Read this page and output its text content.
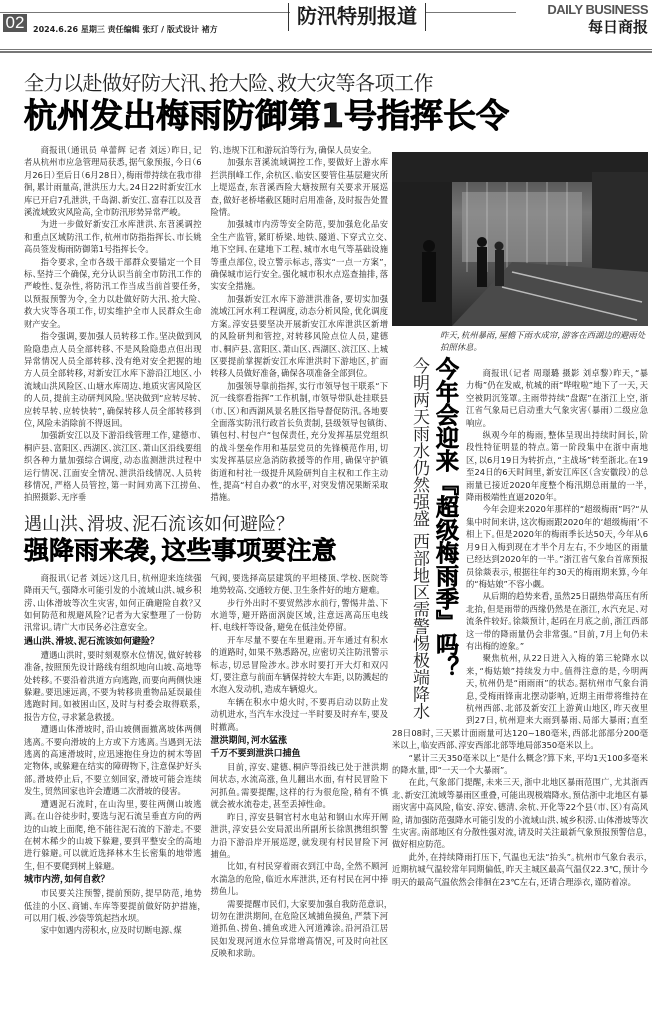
02	2024.6.26 星期三 责任编辑 张玎 / 版式设计 褚方
防汛特别报道	DAILY BUSINESS
每日商报
全力以赴做好防大汛、抢大险、救大灾等各项工作
杭州发出梅雨防御第1号指挥长令

商报讯（通讯员 单蕾辉 记者 刘远）昨日，记者从杭州市应急管理局获悉，据气象预报，今日（6月26日）至后日（6月28日），梅雨带持续在我市徘徊，累计雨量高，泄洪压力大。24日22时新安江水库已开启7孔泄洪，千岛湖、新安江、富春江以及苕溪流域致灾风险高，全市防汛形势异常严峻。

为进一步做好新安江水库泄洪、东苕溪调控和重点区域防汛工作，杭州市防指指挥长、市长姚高员签发梅雨防御第1号指挥长令。

指令要求，全市各级干部群众要锚定一个目标、坚持三个确保，充分认识当前全市防汛工作的严峻性、复杂性，将防汛工作当成当前首要任务，以预报预警为令，全力以赴做好防大汛、抢大险、救大灾等各项工作，切实维护全市人民群众生命财产安全。

指令强调，要加强人员转移工作。坚决做到风险隐患点人员全部转移、不是风险隐患点但出现异常情况人员全部转移、没有绝对安全把握的地方人员全部转移，对新安江水库下游沿江地区、小流域山洪风险区、山塘水库周边、地质灾害风险区的人员，提前主动研判风险。坚决做到“应转尽转、应转早转、应转快转”，确保转移人员全部转移到位，风险未消除前不得返回。

加强新安江以及下游沿线管理工作，建德市、桐庐县、富阳区、西湖区、滨江区、萧山区沿线要组织各种力量加强综合调度，动态监测泄洪过程中运行情况、江面安全情况、泄洪沿线情况、人员转移情况，严格人员管控，第一时间劝离下江捞鱼、拍照摄影、无序垂

钓、违规下江和游玩泊等行为，确保人员安全。

加强东苕溪流域调控工作，要做好上游水库拦洪削峰工作，余杭区、临安区要管住基层避灾所上堤巡查，东苕溪西险大塘按照有关要求开展巡查，做好老桥堵截区随时启用准备，及时报告处置险情。

加强城市内涝等安全防范，要加强危化品安全生产监管，紧盯桥梁、地铁、隧道、下穿式立交、地下空间、在建地下工程、城市水电气等基础设施等重点部位，设立警示标志，落实“一点一方案”，确保城市运行安全。强化城市积水点巡查抽排，落实安全措施。

加强新安江水库下游泄洪准备，要切实加强流域江河水利工程调度，动态分析风险，优化调度方案。淳安县要坚决开展新安江水库泄洪区新增的风险研判和管控，对转移风险点位人员，建德市、桐庐县、富阳区、萧山区、西湖区、滨江区、上城区要提前掌握新安江水库泄洪时下游地区，扩面转移人员做好准备，确保各项准备全部到位。

加强领导靠前指挥，实行市领导包干联系“下沉一线察看指挥”工作机制，市领导带队赴挂联县（市、区）和西湖风景名胜区指导督促防汛。各地要全面落实防汛行政首长负责制，县级领导包镇街、镇包村、村包户“包保责任，充分发挥基层党组织的战斗堡垒作用和基层党员的先锋模范作用，切实发挥基层应急消防救援等的作用，确保守护镇街道和村社一级提升风险研判自主权和工作主动性，提高“村自办救”的水平，对突发情况果断采取措施。

遇山洪、滑坡、泥石流该如何避险？
强降雨来袭，这些事项要注意

商报讯（记者 刘远）这几日，杭州迎来连续强降雨天气，强降水可能引发的小流域山洪、城乡积涝、山体滑坡等次生灾害，如何正确避险自救？又如何防范和规避风险？记者为大家整理了一份防汛常识。请广大市民务必注意安全。

遇山洪、滑坡、泥石流该如何避险？

遭遇山洪时，要时刻观察水位情况，做好转移准备，按照预先设计路线有组织地向山坡、高地等处转移。不要沿着洪道方向逃跑，而要向两侧快速躲避。要迅速远离，不要为转移贵重物品延误最佳逃跑时间。如被困山区，及时与村委会取得联系，报告方位，寻求紧急救援。

遭遇山体滑坡时，沿山坡侧面撤离坡体两侧逃离。不要向滑坡的上方或下方逃离。当遇到无法逃离的高速滑坡时，应迅速抱住身边的树木等固定物体，或躲避在结实的障碍物下，注意保护好头部。滑坡停止后，不要立刻回家，滑坡可能会连续发生，贸然回家也许会遭遇二次滑坡的侵害。

遭遇泥石流时，在山沟里，要往两侧山坡逃离。在山谷徒步时，要选与泥石流呈垂直方向的两边的山坡上面爬，绝不能往泥石流的下游走。不要在树木稀少的山坡下躲避，要到平整安全的高地进行躲避。可以就近选择林木生长密集的地带逃生，但不要爬到树上躲避。

城市内涝，如何自救？

市民要关注预警，提前预防，提早防范，地势低洼的小区、商铺、车库等要提前做好防护措施，可以用门板、沙袋等筑起挡水坝。

家中如遇内涝积水，应及时切断电源、煤

气阀，要选择高层建筑的平坦楼顶、学校、医院等地势较高、交通较方便、卫生条件好的地方避难。

步行外出时不要贸然涉水前行，警惕井盖、下水道等，避开路面涡旋区域，注意远离高压电线杆、电线杆等设备，避免在低洼处停留。

开车尽量不要在车里避雨。开车通过有积水的道路时，如果不熟悉路况，应密切关注防汛警示标志，切忌冒险涉水。涉水时要打开大灯和双闪灯，要注意与前面车辆保持较大车距，以防溅起的水泡入发动机，造成车辆熄火。

车辆在积水中熄火时，不要再启动以防止发动机进水，当汽车水没过一半时要及时弃车，要及时撤离。

泄洪期间，河水猛涨
千万不要到泄洪口捕鱼

目前，淳安、建德、桐庐等沿线已处于泄洪期间状态，水流高涨，鱼儿翻出水面，有村民冒险下河抓鱼。需要提醒，这样的行为很危险，稍有不慎就会被水流卷走，甚至丢掉性命。

昨日，淳安县铜官村水电站和钢山水库开闸泄洪，淳安县公安局派出所副所长徐凯携组织警力沿下游沿岸开展巡逻，就发现有村民冒险下河捕鱼。

比如，有村民穿着雨衣到江中岛，全然不顾河水湍急的危险，临近水库泄洪，还有村民在河中捧捞鱼儿。

需要提醒市民们，大家要加强自我防范意识，切勿在泄洪期间，在危险区域捕鱼摸鱼，严禁下河道抓鱼、捞鱼、捕鱼或进入河道滩涂。沿河沿江居民如发现河道水位异常增高情况，可及时向社区反映和求助。

昨天，杭州暴雨，屋檐下雨水成帘，游客在西湖边的避雨处拍照休息。
今明两天雨水仍然强盛 西部地区需警惕极端降水 今年会迎来『超级梅雨季』吗？	商报讯（记者 周璟璐 摄影 刘卓黎）昨天，“暴力梅”仍在发威，杭城的雨“哗啦啦”地下了一天，天空被阴沉笼罩。主雨带持续“盘踞”在浙江上空，浙江省气象局已启动重大气象灾害（暴雨）二级应急响应。

纵观今年的梅雨，整体呈现出持续时间长，阶段性特征明显的特点。第一阶段集中在浙中南地区，以6月19日为转折点，“主战场”转至浙北。在19至24日的6天时间里，新安江库区（含安徽段）的总雨量已接近2020年度整个梅汛期总雨量的一半，降雨极端性直逼2020年。

今年会迎来2020年那样的“超级梅雨”吗？“从集中时间来讲，这次梅雨跟2020年的‘超级梅雨’不相上下。但是2020年的梅雨季长达50天，今年从6月9日入梅到现在才半个月左右，不少地区的雨量已经达到2020年的一半。”浙江省气象台首席预报员徐燚表示，根据往年约30天的梅雨期来算，今年的“梅姑娘”不容小觑。

从后期的趋势来看，虽然25日副热带高压有所北抬，但是雨带的西缘仍然是在浙江，水汽充足、对流条件较好。徐燚预计，起码在月底之前，浙江西部这一带的降雨量仍会非常强。”目前，7月上旬仍未有出梅的迹象。”

聚焦杭州，从22日进入入梅的第三轮降水以来，“梅姑娘”持续发力中。值得注意的是，今明两天，杭州仍是“雨雨雨”的状态。据杭州市气象台消息，受梅雨锋南北摆动影响，近期主雨带将维持在杭州西部、北部及新安江上游黄山地区，昨天夜里到27日，杭州迎来大雨到暴雨、局部大暴雨；直至28日08时，三天累计面雨量可达120~180毫米，西部北部部分200毫米以上，临安西部、淳安西部北部等地局部350毫米以上。

“累计三天350毫米以上”是什么概念？算下来，平均1天100多毫米的降水量，即“一天一个大暴雨”。

在此，气象部门提醒，未来三天，浙中北地区暴雨范围广，尤其浙西北、新安江流域等暴雨区重叠，可能出现极端降水。预估浙中北地区有暴雨灾害中高风险，临安、淳安、德清、余杭、开化等22个县（市、区）有高风险，请加强防范强降水可能引发的小流域山洪、城乡积涝、山体滑坡等次生灾害。南部地区有分散性强对流，请及时关注最新气象预报预警信息，做好相应防范。

此外，在持续降雨打压下，气温也无法“抬头”。杭州市气象台表示，近期杭城气温较常年同期偏低，昨天主城区最高气温仅22.3℃，预计今明天的最高气温依然会徘徊在23℃左右，还请合理添衣，谨防着凉。
